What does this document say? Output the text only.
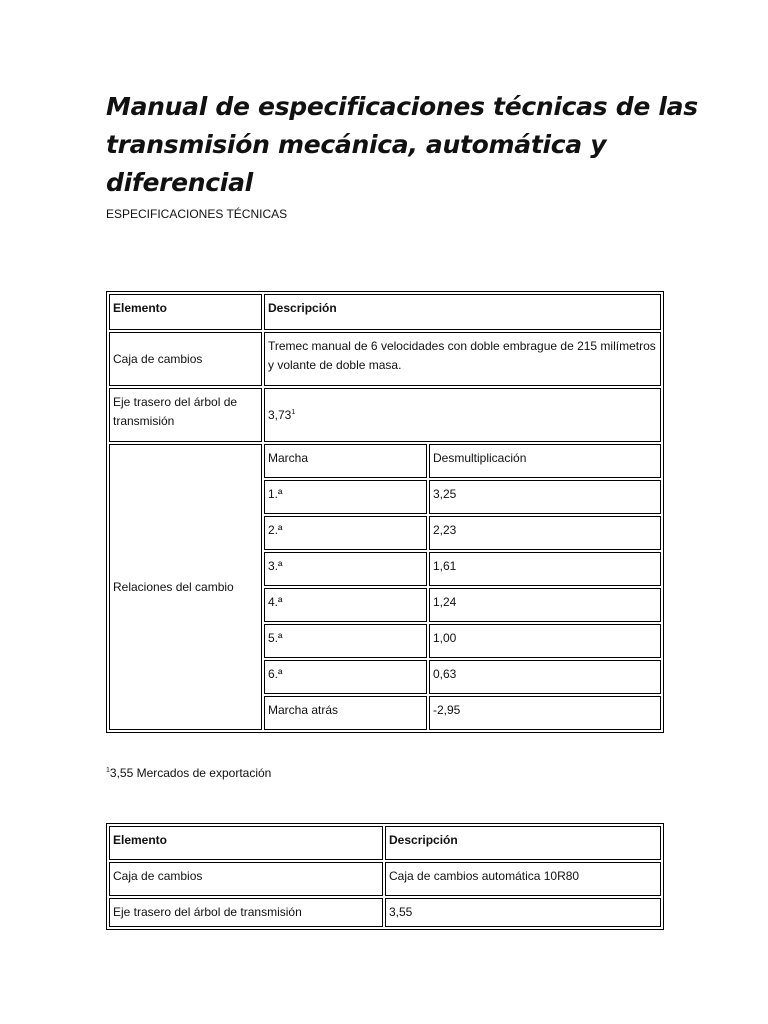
Manual de especificaciones técnicas de las transmisión mecánica, automática y diferencial
ESPECIFICACIONES TÉCNICAS
Elemento	Descripción	
Caja de cambios	Tremec manual de 6 velocidades con doble embrague de 215 milímetros y volante de doble masa.	
Eje trasero del árbol de transmisión	3,73$^1$
Relaciones del cambio	Marcha	Desmultiplicación
	1.ª	3,25
	2.ª	2,23
	3.ª	1,61
	4.ª	1,24
	5.ª	1,00
	6.ª	0,63
	Marcha atrás	-2,95

$^1$3,55 Mercados de exportación

Elemento	Descripción
Caja de cambios	Caja de cambios automática 10R80
Eje trasero del árbol de transmisión	3,55
